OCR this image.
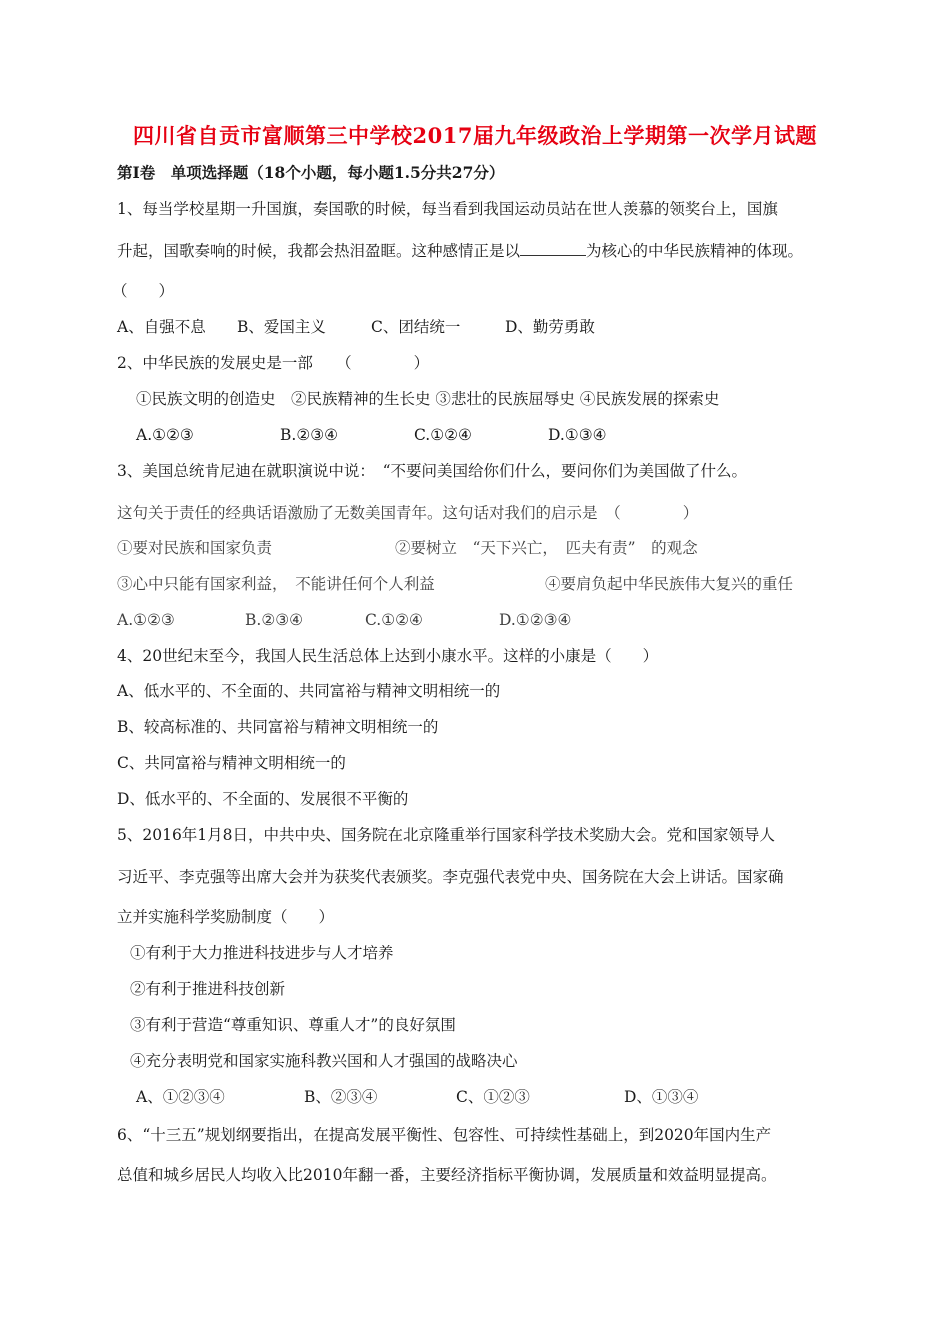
四川省自贡市富顺第三中学校2017届九年级政治上学期第一次学月试题
第Ⅰ卷　单项选择题（18个小题，每小题1.5分共27分）
1、每当学校星期一升国旗，奏国歌的时候，每当看到我国运动员站在世人羡慕的领奖台上，国旗
升起，国歌奏响的时候，我都会热泪盈眶。这种感情正是以	为核心的中华民族精神的体现。
（　　）
A、自强不息 B、爱国主义	C、团结统一	D、勤劳勇敢
2、中华民族的发展史是一部　　（　　　　）
①民族文明的创造史　②民族精神的生长史 ③悲壮的民族屈辱史 ④民族发展的探索史
A.①②③	B.②③④	C.①②④	D.①③④
3、美国总统肯尼迪在就职演说中说：　“不要问美国给你们什么，要问你们为美国做了什么。
这句关于责任的经典话语激励了无数美国青年。这句话对我们的启示是　（　　　　）
①要对民族和国家负责	②要树立　“天下兴亡，　匹夫有责”　的观念
③心中只能有国家利益，　不能讲任何个人利益	④要肩负起中华民族伟大复兴的重任
A.①②③	B.②③④	C.①②④	D.①②③④
4、20世纪末至今，我国人民生活总体上达到小康水平。这样的小康是（　　）
A、低水平的、不全面的、共同富裕与精神文明相统一的
B、较高标准的、共同富裕与精神文明相统一的
C、共同富裕与精神文明相统一的
D、低水平的、不全面的、发展很不平衡的
5、2016年1月8日，中共中央、国务院在北京隆重举行国家科学技术奖励大会。党和国家领导人
习近平、李克强等出席大会并为获奖代表颁奖。李克强代表党中央、国务院在大会上讲话。国家确
立并实施科学奖励制度（　　）
①有利于大力推进科技进步与人才培养
②有利于推进科技创新
③有利于营造“尊重知识、尊重人才”的良好氛围
④充分表明党和国家实施科教兴国和人才强国的战略决心
A、①②③④	B、②③④	C、①②③	D、①③④
6、“十三五”规划纲要指出，在提高发展平衡性、包容性、可持续性基础上，到2020年国内生产
总值和城乡居民人均收入比2010年翻一番，主要经济指标平衡协调，发展质量和效益明显提高。
